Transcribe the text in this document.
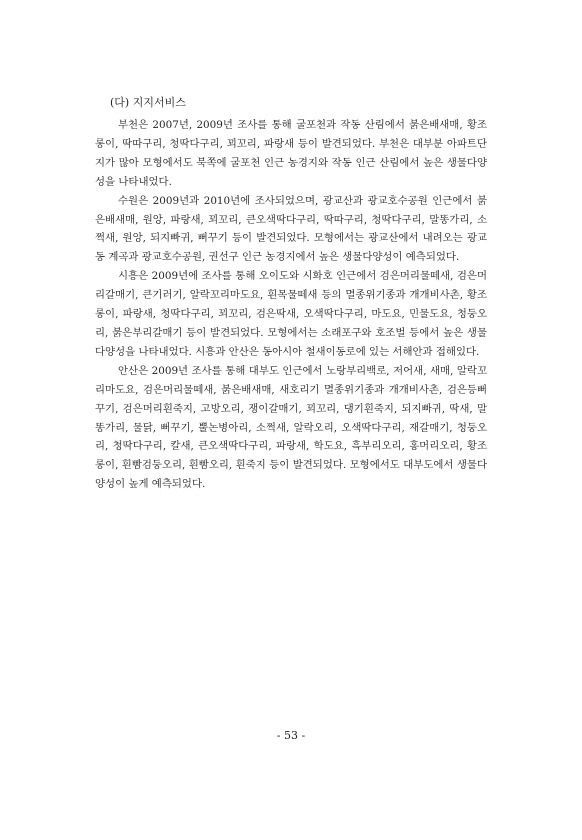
(다) 지지서비스

부천은 2007년, 2009년 조사를 통해 굴포천과 작동 산림에서 붉은배새매, 황조롱이, 딱따구리, 청딱다구리, 꾀꼬리, 파랑새 등이 발견되었다. 부천은 대부분 아파트단지가 많아 모형에서도 북쪽에 굴포천 인근 농경지와 작동 인근 산림에서 높은 생물다양성을 나타내었다.

수원은 2009년과 2010년에 조사되었으며, 광교산과 광교호수공원 인근에서 붉은배새매, 원앙, 파랑새, 꾀꼬리, 큰오색딱다구리, 딱따구리, 청딱다구리, 말똥가리, 소쩍새, 원앙, 되지빠귀, 뻐꾸기 등이 발견되었다. 모형에서는 광교산에서 내려오는 광교동 계곡과 광교호수공원, 권선구 인근 농경지에서 높은 생물다양성이 예측되었다.

시흥은 2009년에 조사를 통해 오이도와 시화호 인근에서 검은머리물떼새, 검은머리갈매기, 큰기러기, 알락꼬리마도요, 흰목물떼새 등의 멸종위기종과 개개비사촌, 황조롱이, 파랑새, 청딱다구리, 꾀꼬리, 검은딱새, 오색딱다구리, 마도요, 민물도요, 청둥오리, 붉은부리갈매기 등이 발견되었다. 모형에서는 소래포구와 호조벌 등에서 높은 생물다양성을 나타내었다. 시흥과 안산은 동아시아 철새이동로에 있는 서해안과 접해있다.

안산은 2009년 조사를 통해 대부도 인근에서 노랑부리백로, 저어새, 새매, 알락꼬리마도요, 검은머리물떼새, 붉은배새매, 새호리기 멸종위기종과 개개비사촌, 검은등뻐꾸기, 검은머리흰죽지, 고방오리, 쟁이갈매기, 꾀꼬리, 댕기흰죽지, 되지빠귀, 딱새, 말똥가리, 물닭, 뻐꾸기, 뿔논병아리, 소쩍새, 알락오리, 오색딱다구리, 재갈매기, 청둥오리, 청딱다구리, 칼새, 큰오색딱다구리, 파랑새, 학도요, 흑부리오리, 홍머리오리, 황조롱이, 흰빰검둥오리, 흰빰오리, 흰죽지 등이 발견되었다. 모형에서도 대부도에서 생물다양성이 높게 예측되었다.

- 53 -
